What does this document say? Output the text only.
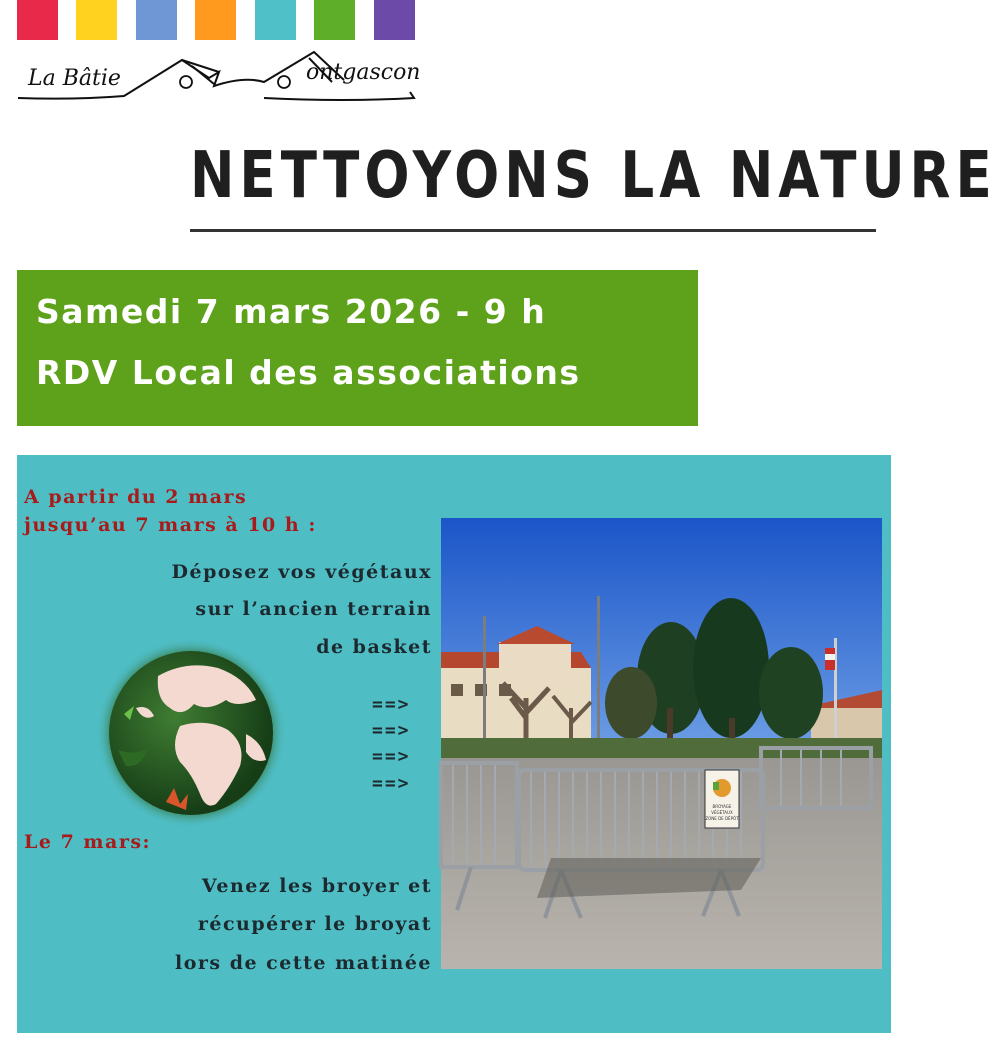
La Bâtie	ontgascon
NETTOYONS LA NATURE
Samedi 7 mars 2026 - 9 h
RDV Local des associations
A partir du 2 mars
jusqu’au 7 mars à 10 h :
Déposez vos végétaux
sur l’ancien terrain
de basket
==>
==>
==>
==>
Le 7 mars:
Venez les broyer et
récupérer le broyat
lors de cette matinée
BROYAGE
VÉGÉTAUX
ZONE DE DÉPÔT
